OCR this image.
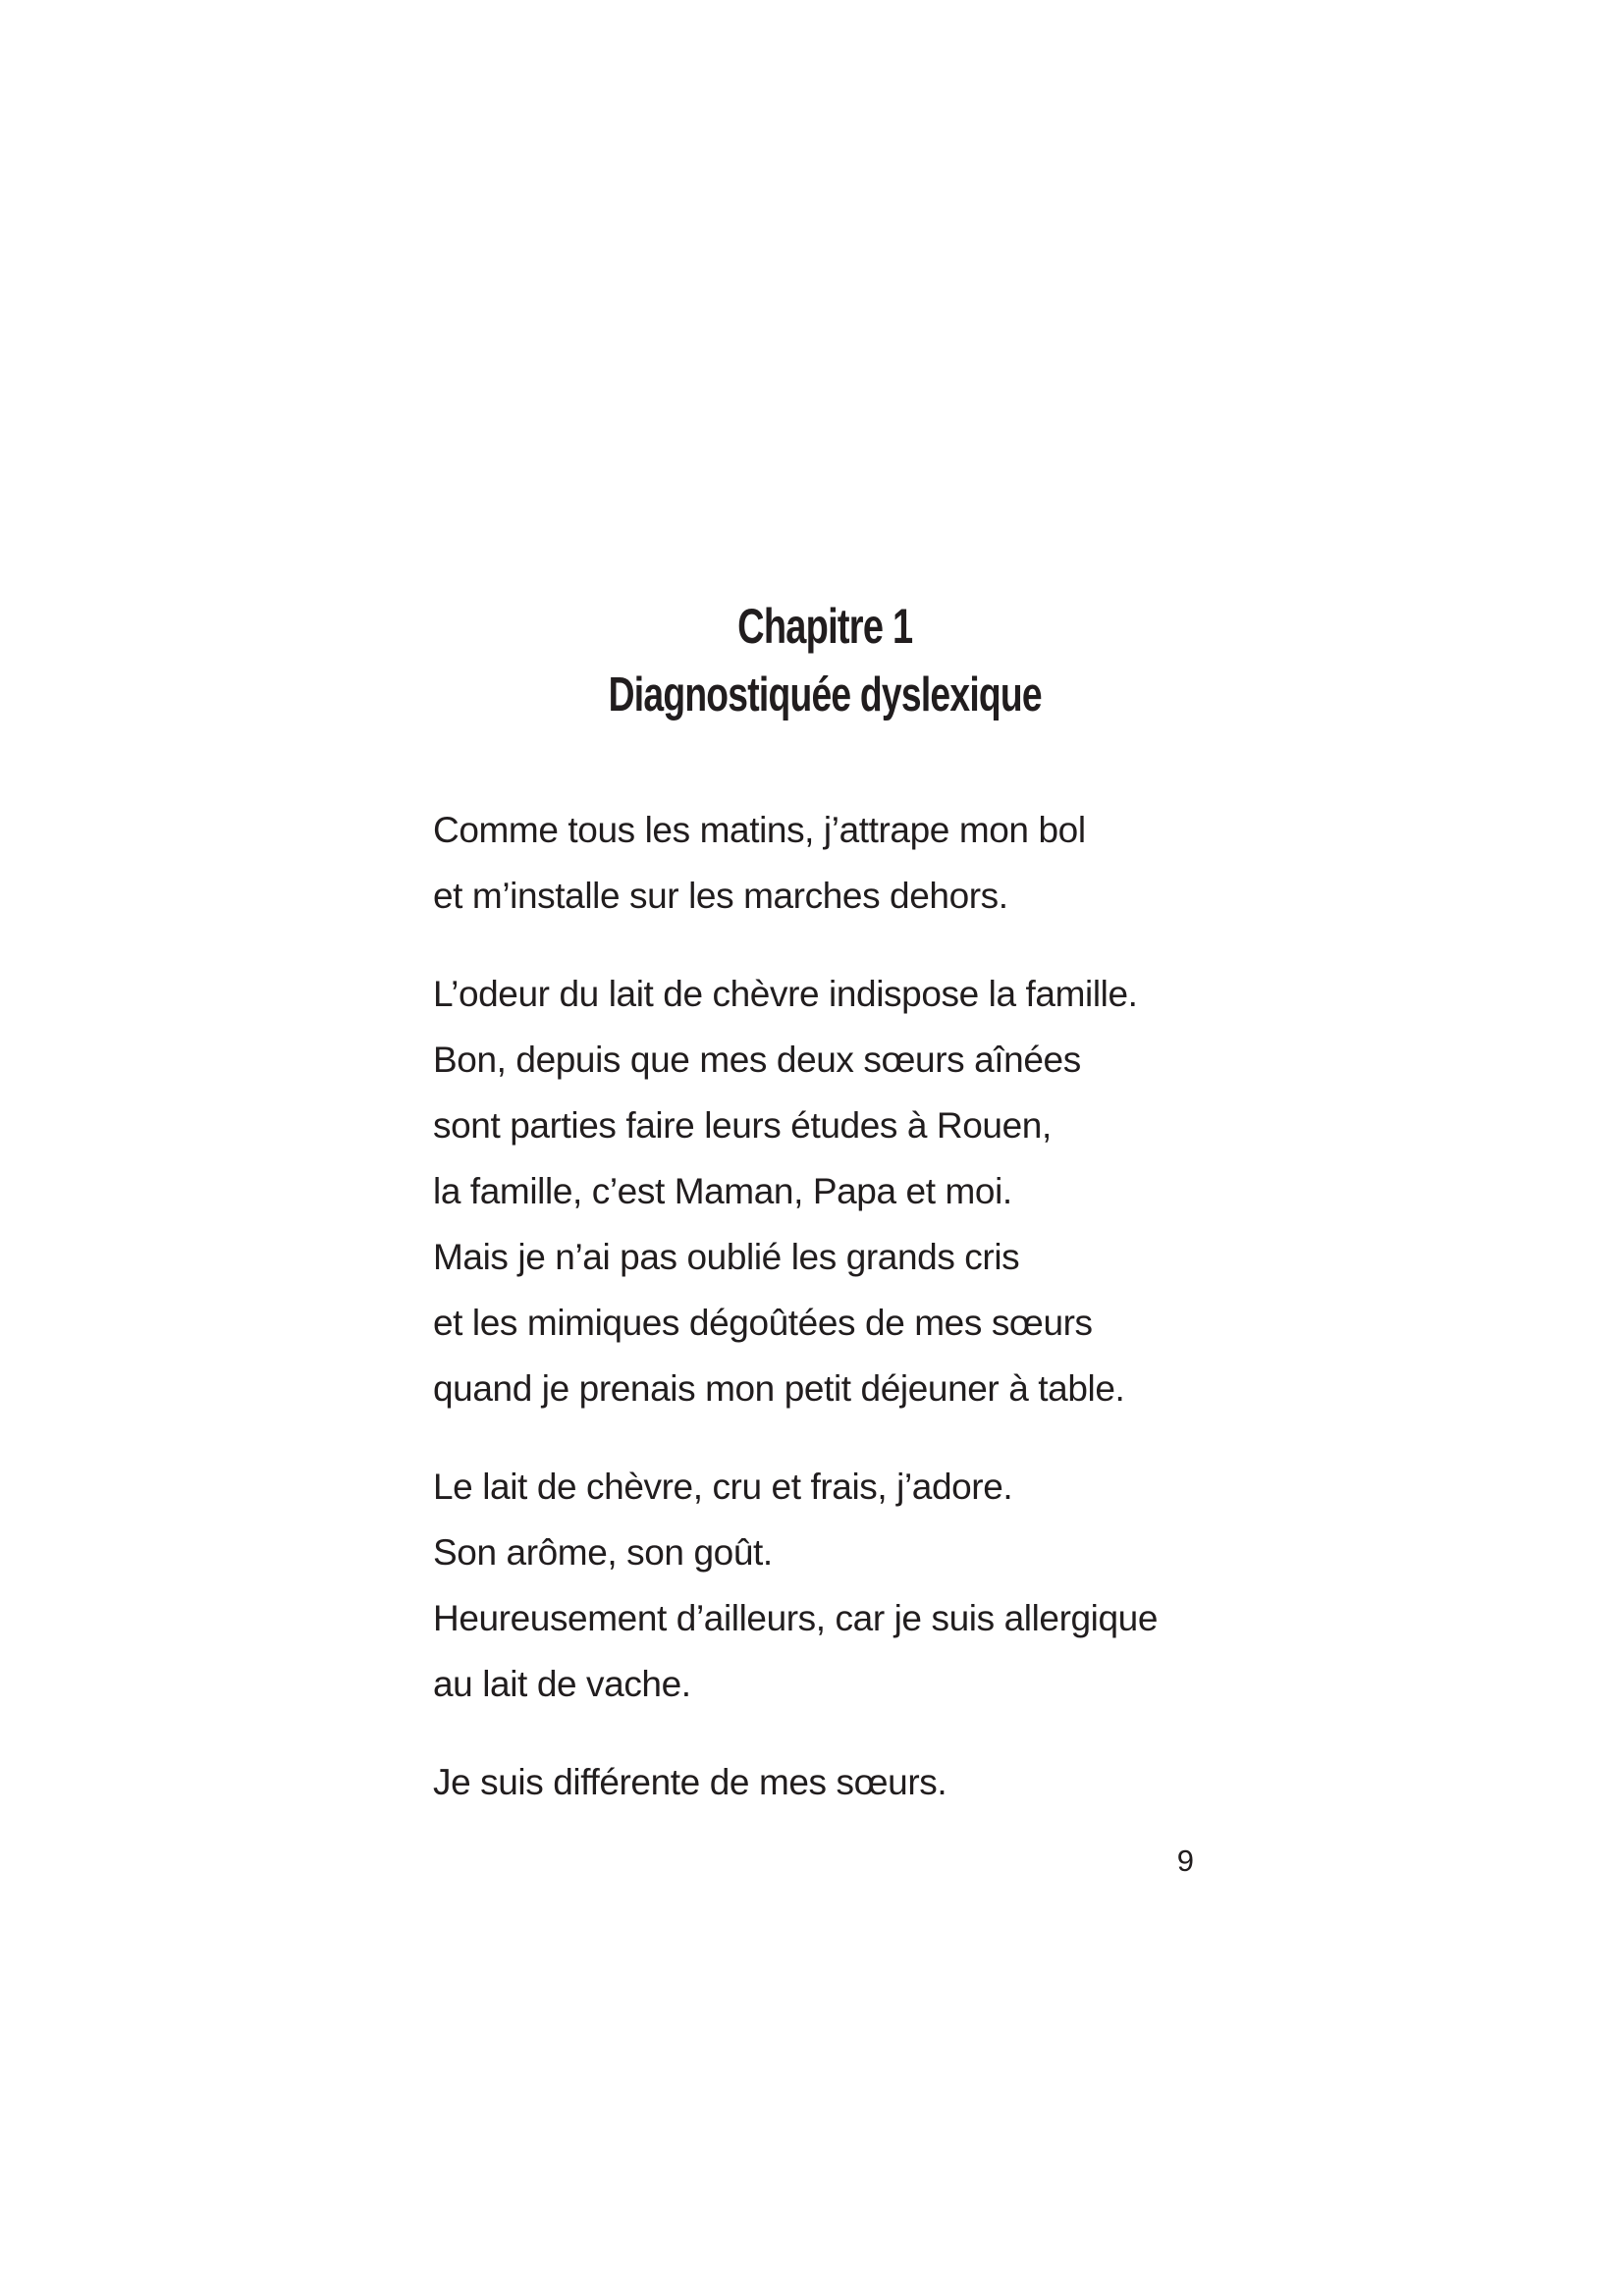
Chapitre 1
Diagnostiquée dyslexique

Comme tous les matins, j’attrape mon bol
et m’installe sur les marches dehors.

L’odeur du lait de chèvre indispose la famille.
Bon, depuis que mes deux sœurs aînées
sont parties faire leurs études à Rouen,
la famille, c’est Maman, Papa et moi.
Mais je n’ai pas oublié les grands cris
et les mimiques dégoûtées de mes sœurs
quand je prenais mon petit déjeuner à table.

Le lait de chèvre, cru et frais, j’adore.
Son arôme, son goût.
Heureusement d’ailleurs, car je suis allergique
au lait de vache.

Je suis différente de mes sœurs.

9
